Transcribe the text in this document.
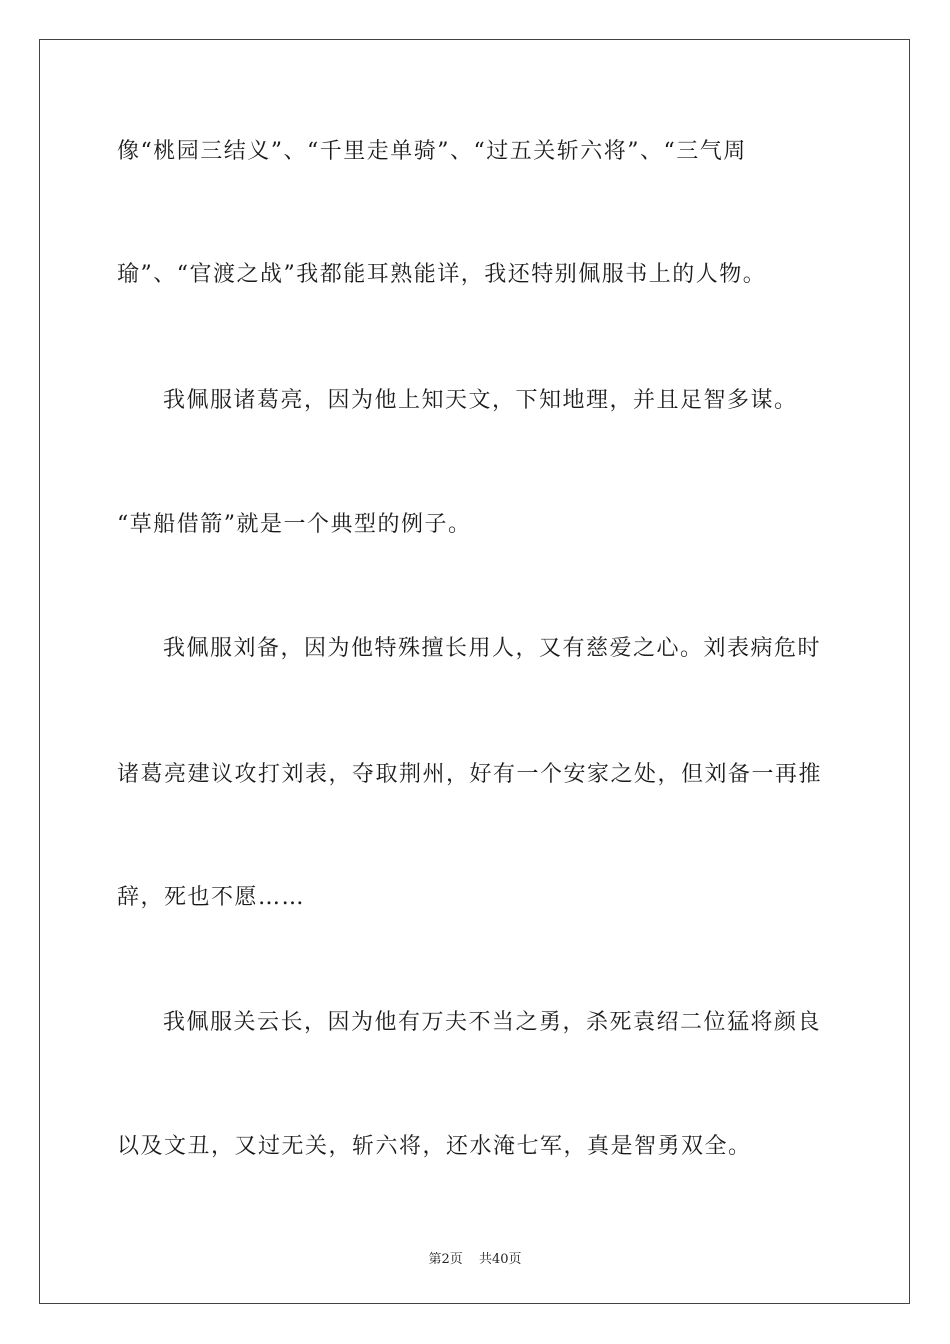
像“桃园三结义”、“千里走单骑”、“过五关斩六将”、“三气周
瑜”、“官渡之战”我都能耳熟能详，我还特别佩服书上的人物。
我佩服诸葛亮，因为他上知天文，下知地理，并且足智多谋。
“草船借箭”就是一个典型的例子。
我佩服刘备，因为他特殊擅长用人，又有慈爱之心。刘表病危时
诸葛亮建议攻打刘表，夺取荆州，好有一个安家之处，但刘备一再推
辞，死也不愿……
我佩服关云长，因为他有万夫不当之勇，杀死袁绍二位猛将颜良
以及文丑，又过无关，斩六将，还水淹七军，真是智勇双全。
第2页 共40页
